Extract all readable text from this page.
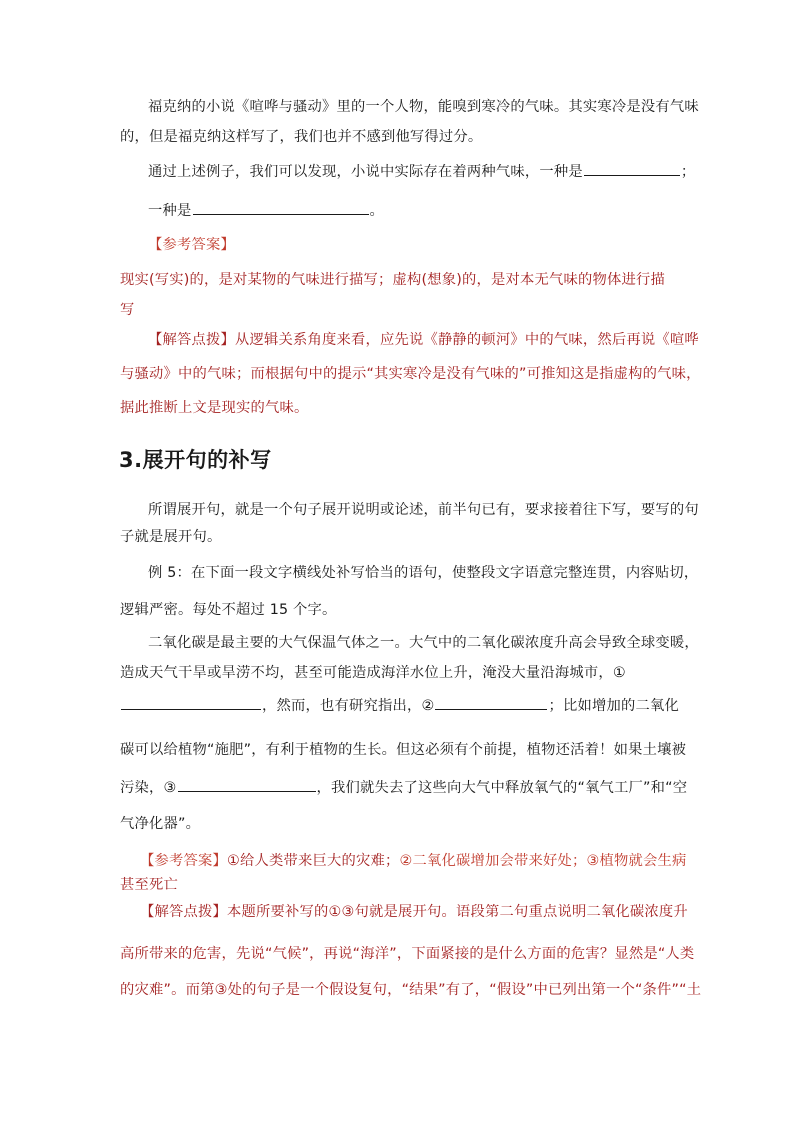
福克纳的小说《喧哗与骚动》里的一个人物，能嗅到寒冷的气味。其实寒冷是没有气味
的，但是福克纳这样写了，我们也并不感到他写得过分。
通过上述例子，我们可以发现，小说中实际存在着两种气味，一种是	；
一种是	。
【参考答案】
现实(写实)的，是对某物的气味进行描写；虚构(想象)的，是对本无气味的物体进行描
写
【解答点拨】从逻辑关系角度来看，应先说《静静的顿河》中的气味，然后再说《喧哗
与骚动》中的气味；而根据句中的提示“其实寒冷是没有气味的”可推知这是指虚构的气味，
据此推断上文是现实的气味。
3.展开句的补写
所谓展开句，就是一个句子展开说明或论述，前半句已有，要求接着往下写，要写的句
子就是展开句。
例 5：在下面一段文字横线处补写恰当的语句，使整段文字语意完整连贯，内容贴切，
逻辑严密。每处不超过 15 个字。
二氧化碳是最主要的大气保温气体之一。大气中的二氧化碳浓度升高会导致全球变暖，
造成天气干旱或旱涝不均，甚至可能造成海洋水位上升，淹没大量沿海城市，①
，然而，也有研究指出，②	；比如增加的二氧化
碳可以给植物“施肥”，有利于植物的生长。但这必须有个前提，植物还活着！如果土壤被
污染，③	，我们就失去了这些向大气中释放氧气的“氧气工厂”和“空
气净化器”。
【参考答案】①给人类带来巨大的灾难；②二氧化碳增加会带来好处；③植物就会生病
甚至死亡
【解答点拨】本题所要补写的①③句就是展开句。语段第二句重点说明二氧化碳浓度升
高所带来的危害，先说“气候”，再说“海洋”，下面紧接的是什么方面的危害？显然是“人类
的灾难”。而第③处的句子是一个假设复句，“结果”有了，“假设”中已列出第一个“条件”“土
